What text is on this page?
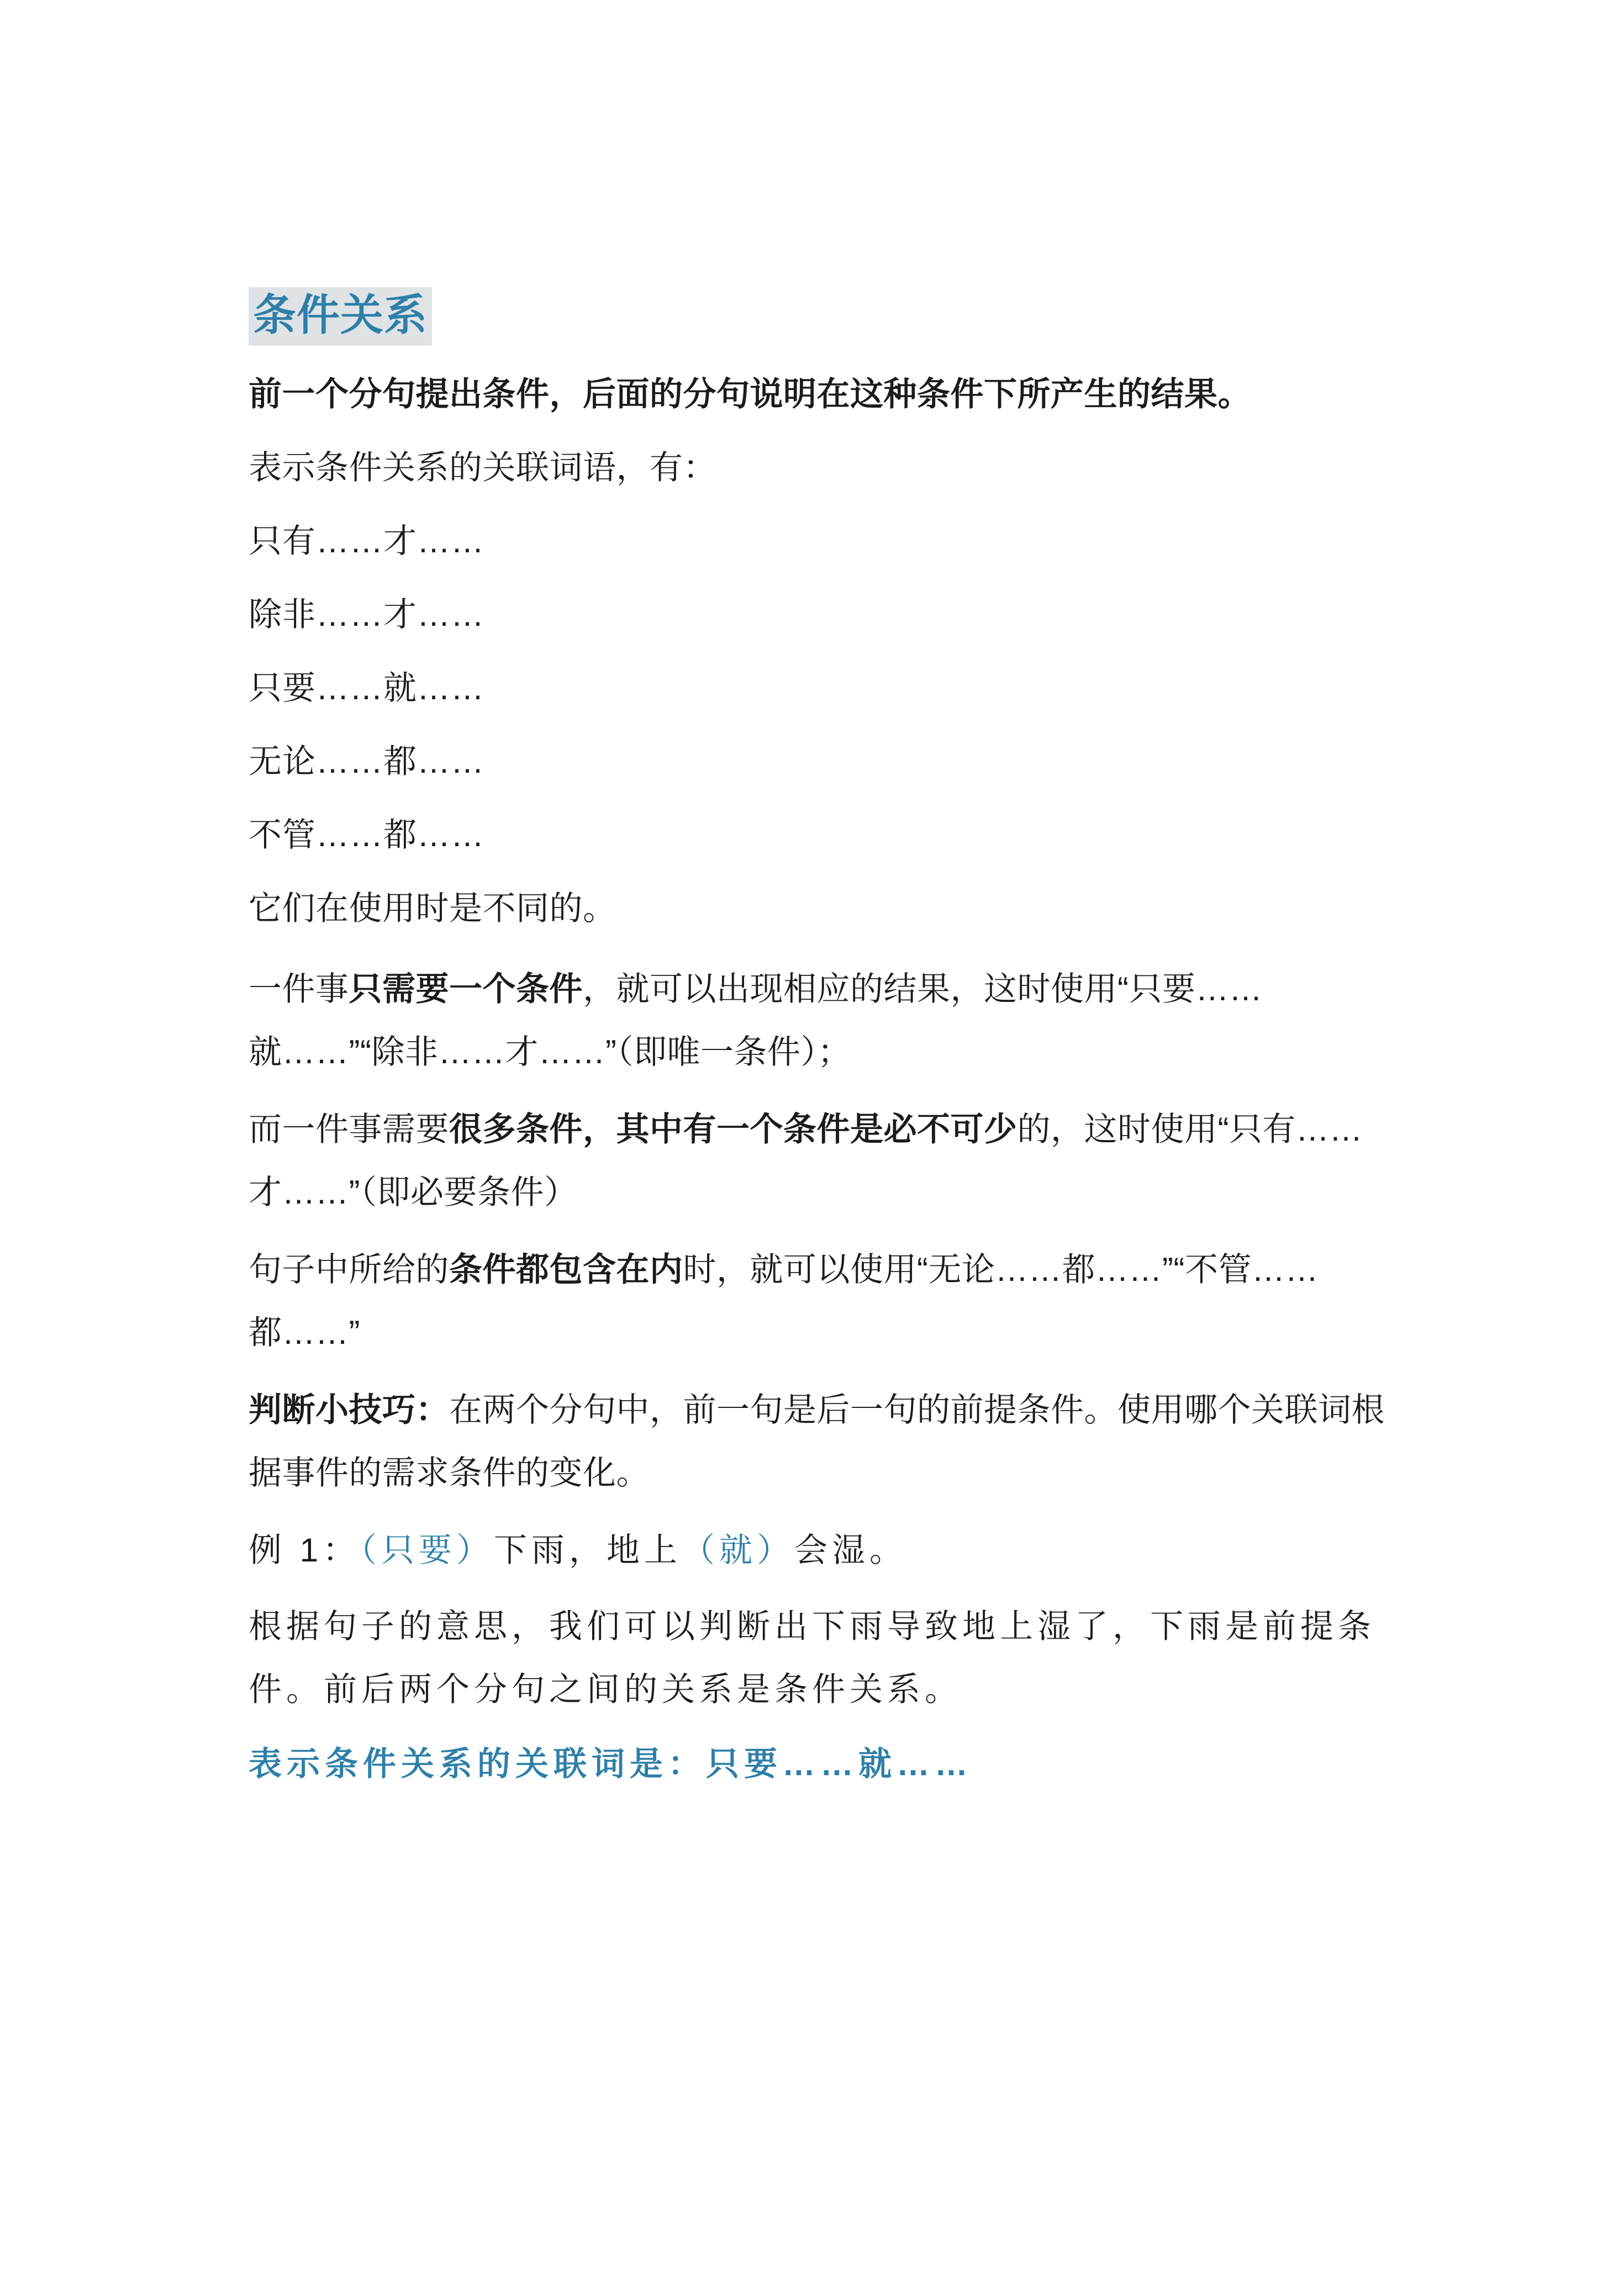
条件关系

前一个分句提出条件，后面的分句说明在这种条件下所产生的结果。

表示条件关系的关联词语，有：

只有……才……

除非……才……

只要……就……

无论……都……

不管……都……

它们在使用时是不同的。

一件事只需要一个条件，就可以出现相应的结果，这时使用“只要……就……”“除非……才……”（即唯一条件）；

而一件事需要很多条件，其中有一个条件是必不可少的，这时使用“只有……才……”（即必要条件）

句子中所给的条件都包含在内时，就可以使用“无论……都……”“不管……都……”

判断小技巧：在两个分句中，前一句是后一句的前提条件。使用哪个关联词根据事件的需求条件的变化。

例 1：（只要）下雨，地上（就）会湿。

根据句子的意思，我们可以判断出下雨导致地上湿了，下雨是前提条件。前后两个分句之间的关系是条件关系。

表示条件关系的关联词是：只要……就……
